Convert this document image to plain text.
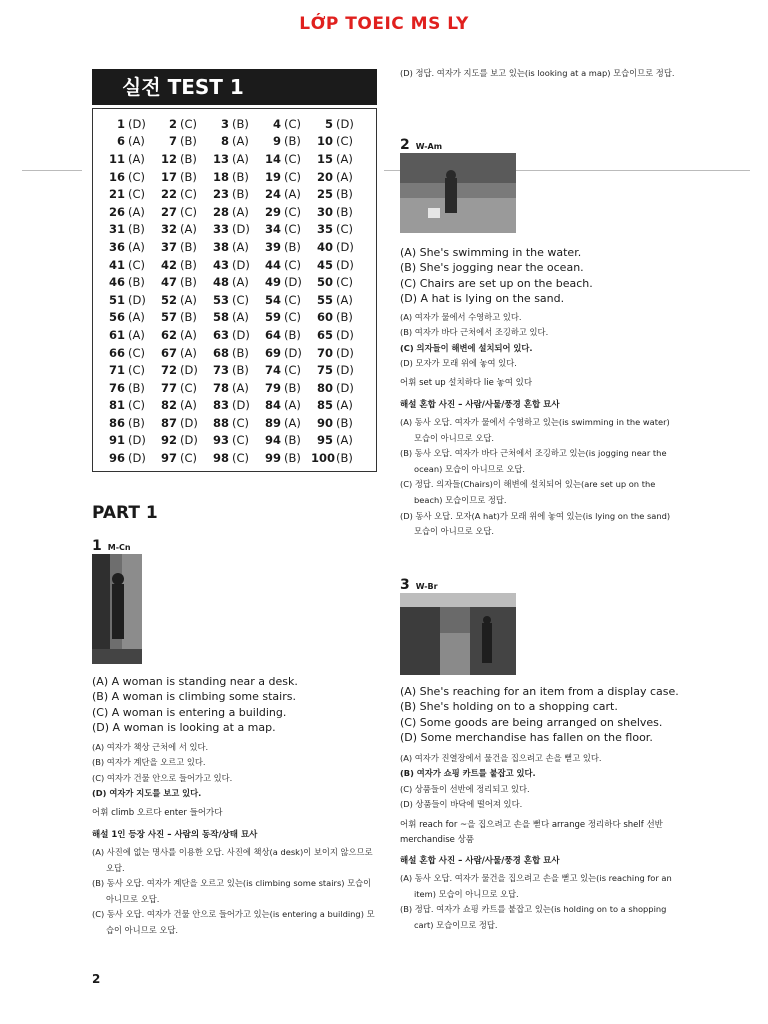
LỚP TOEIC MS LY
실전 TEST 1
1 (D)	2 (C)	3 (B)	4 (C)	5 (D)
6 (A)	7 (B)	8 (A)	9 (B)	10 (C)
11 (A)	12 (B)	13 (A)	14 (C)	15 (A)
16 (C)	17 (B)	18 (B)	19 (C)	20 (A)
21 (C)	22 (C)	23 (B)	24 (A)	25 (B)
26 (A)	27 (C)	28 (A)	29 (C)	30 (B)
31 (B)	32 (A)	33 (D)	34 (C)	35 (C)
36 (A)	37 (B)	38 (A)	39 (B)	40 (D)
41 (C)	42 (B)	43 (D)	44 (C)	45 (D)
46 (B)	47 (B)	48 (A)	49 (D)	50 (C)
51 (D)	52 (A)	53 (C)	54 (C)	55 (A)
56 (A)	57 (B)	58 (A)	59 (C)	60 (B)
61 (A)	62 (A)	63 (D)	64 (B)	65 (D)
66 (C)	67 (A)	68 (B)	69 (D)	70 (D)
71 (C)	72 (D)	73 (B)	74 (C)	75 (D)
76 (B)	77 (C)	78 (A)	79 (B)	80 (D)
81 (C)	82 (A)	83 (D)	84 (A)	85 (A)
86 (B)	87 (D)	88 (C)	89 (A)	90 (B)
91 (D)	92 (D)	93 (C)	94 (B)	95 (A)
96 (D)	97 (C)	98 (C)	99 (B)	100(B)
PART 1
1 M-Cn
(A) A woman is standing near a desk.
(B) A woman is climbing some stairs.
(C) A woman is entering a building.
(D) A woman is looking at a map.
(A) 여자가 책상 근처에 서 있다.
(B) 여자가 계단을 오르고 있다.
(C) 여자가 건물 안으로 들어가고 있다.
(D) 여자가 지도를 보고 있다.
어휘 climb 오르다 enter 들어가다
해설 1인 등장 사진 – 사람의 동작/상태 묘사

(A) 사진에 없는 명사를 이용한 오답. 사진에 책상(a desk)이 보이지 않으므로 오답.

(B) 동사 오답. 여자가 계단을 오르고 있는(is climbing some stairs) 모습이 아니므로 오답.

(C) 동사 오답. 여자가 건물 안으로 들어가고 있는(is entering a building) 모습이 아니므로 오답.

2

(D) 정답. 여자가 지도를 보고 있는(is looking at a map) 모습이므로 정답.

2 W-Am
(A) She's swimming in the water.
(B) She's jogging near the ocean.
(C) Chairs are set up on the beach.
(D) A hat is lying on the sand.
(A) 여자가 물에서 수영하고 있다.
(B) 여자가 바다 근처에서 조깅하고 있다.
(C) 의자들이 해변에 설치되어 있다.
(D) 모자가 모래 위에 놓여 있다.
어휘 set up 설치하다 lie 놓여 있다
해설 혼합 사진 – 사람/사물/풍경 혼합 묘사

(A) 동사 오답. 여자가 물에서 수영하고 있는(is swimming in the water) 모습이 아니므로 오답.

(B) 동사 오답. 여자가 바다 근처에서 조깅하고 있는(is jogging near the ocean) 모습이 아니므로 오답.

(C) 정답. 의자들(Chairs)이 해변에 설치되어 있는(are set up on the beach) 모습이므로 정답.

(D) 동사 오답. 모자(A hat)가 모래 위에 놓여 있는(is lying on the sand) 모습이 아니므로 오답.

3 W-Br
(A) She's reaching for an item from a display case.
(B) She's holding on to a shopping cart.
(C) Some goods are being arranged on shelves.
(D) Some merchandise has fallen on the floor.
(A) 여자가 진열장에서 물건을 집으려고 손을 뻗고 있다.
(B) 여자가 쇼핑 카트를 붙잡고 있다.
(C) 상품들이 선반에 정리되고 있다.
(D) 상품들이 바닥에 떨어져 있다.
어휘 reach for ~을 집으려고 손을 뻗다 arrange 정리하다 shelf 선반 merchandise 상품
해설 혼합 사진 – 사람/사물/풍경 혼합 묘사

(A) 동사 오답. 여자가 물건을 집으려고 손을 뻗고 있는(is reaching for an item) 모습이 아니므로 오답.

(B) 정답. 여자가 쇼핑 카트를 붙잡고 있는(is holding on to a shopping cart) 모습이므로 정답.
